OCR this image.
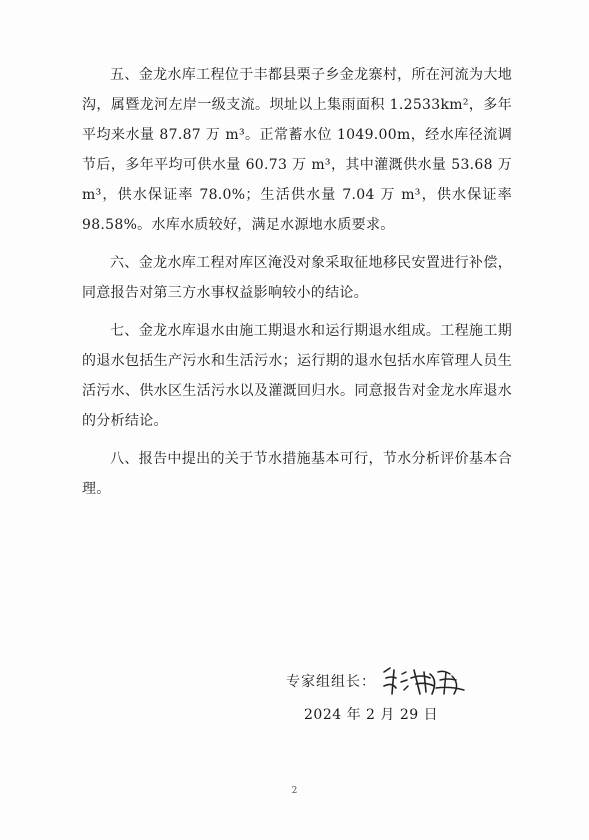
五、金龙水库工程位于丰都县栗子乡金龙寨村，所在河流为大地沟，属暨龙河左岸一级支流。坝址以上集雨面积 1.2533km²，多年平均来水量 87.87 万 m³。正常蓄水位 1049.00m，经水库径流调节后，多年平均可供水量 60.73 万 m³，其中灌溉供水量 53.68 万 m³，供水保证率 78.0%；生活供水量 7.04 万 m³，供水保证率 98.58%。水库水质较好，满足水源地水质要求。

六、金龙水库工程对库区淹没对象采取征地移民安置进行补偿，同意报告对第三方水事权益影响较小的结论。

七、金龙水库退水由施工期退水和运行期退水组成。工程施工期的退水包括生产污水和生活污水；运行期的退水包括水库管理人员生活污水、供水区生活污水以及灌溉回归水。同意报告对金龙水库退水的分析结论。

八、报告中提出的关于节水措施基本可行，节水分析评价基本合理。

专家组组长：
2024 年 2 月 29 日
2
